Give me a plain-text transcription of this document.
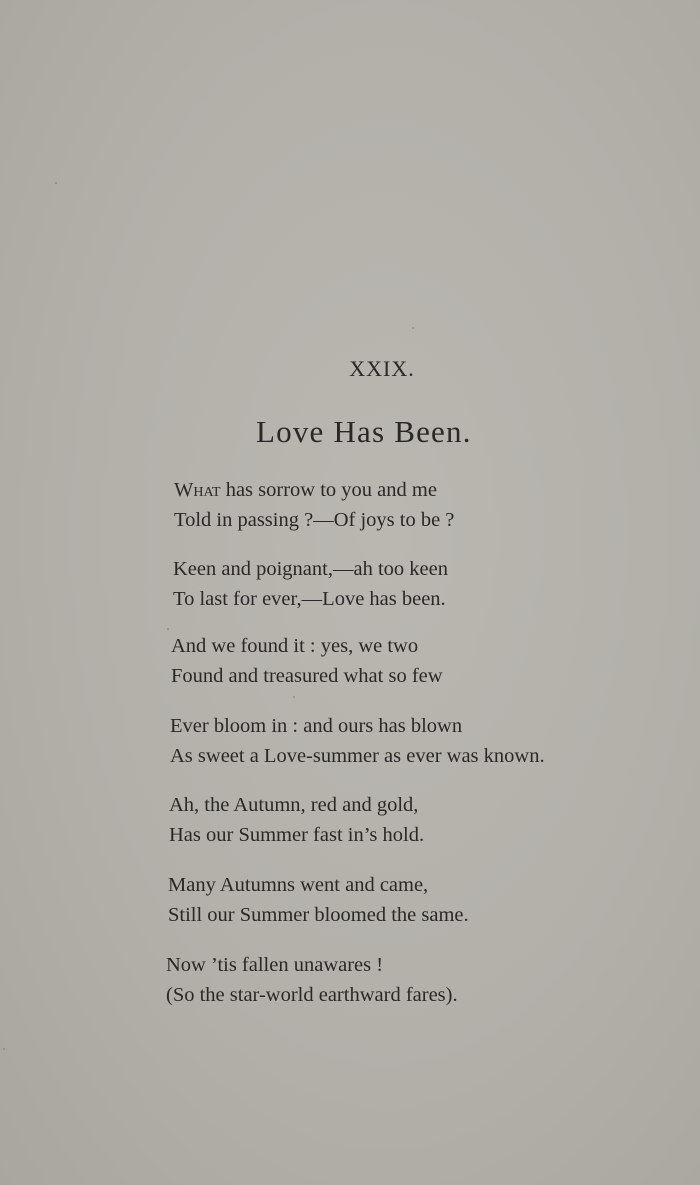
XXIX.
Love Has Been.
What has sorrow to you and me
Told in passing ?—Of joys to be ?
Keen and poignant,—ah too keen
To last for ever,—Love has been.
And we found it : yes, we two
Found and treasured what so few
Ever bloom in : and ours has blown
As sweet a Love-summer as ever was known.
Ah, the Autumn, red and gold,
Has our Summer fast in’s hold.
Many Autumns went and came,
Still our Summer bloomed the same.
Now ’tis fallen unawares !
(So the star-world earthward fares).
